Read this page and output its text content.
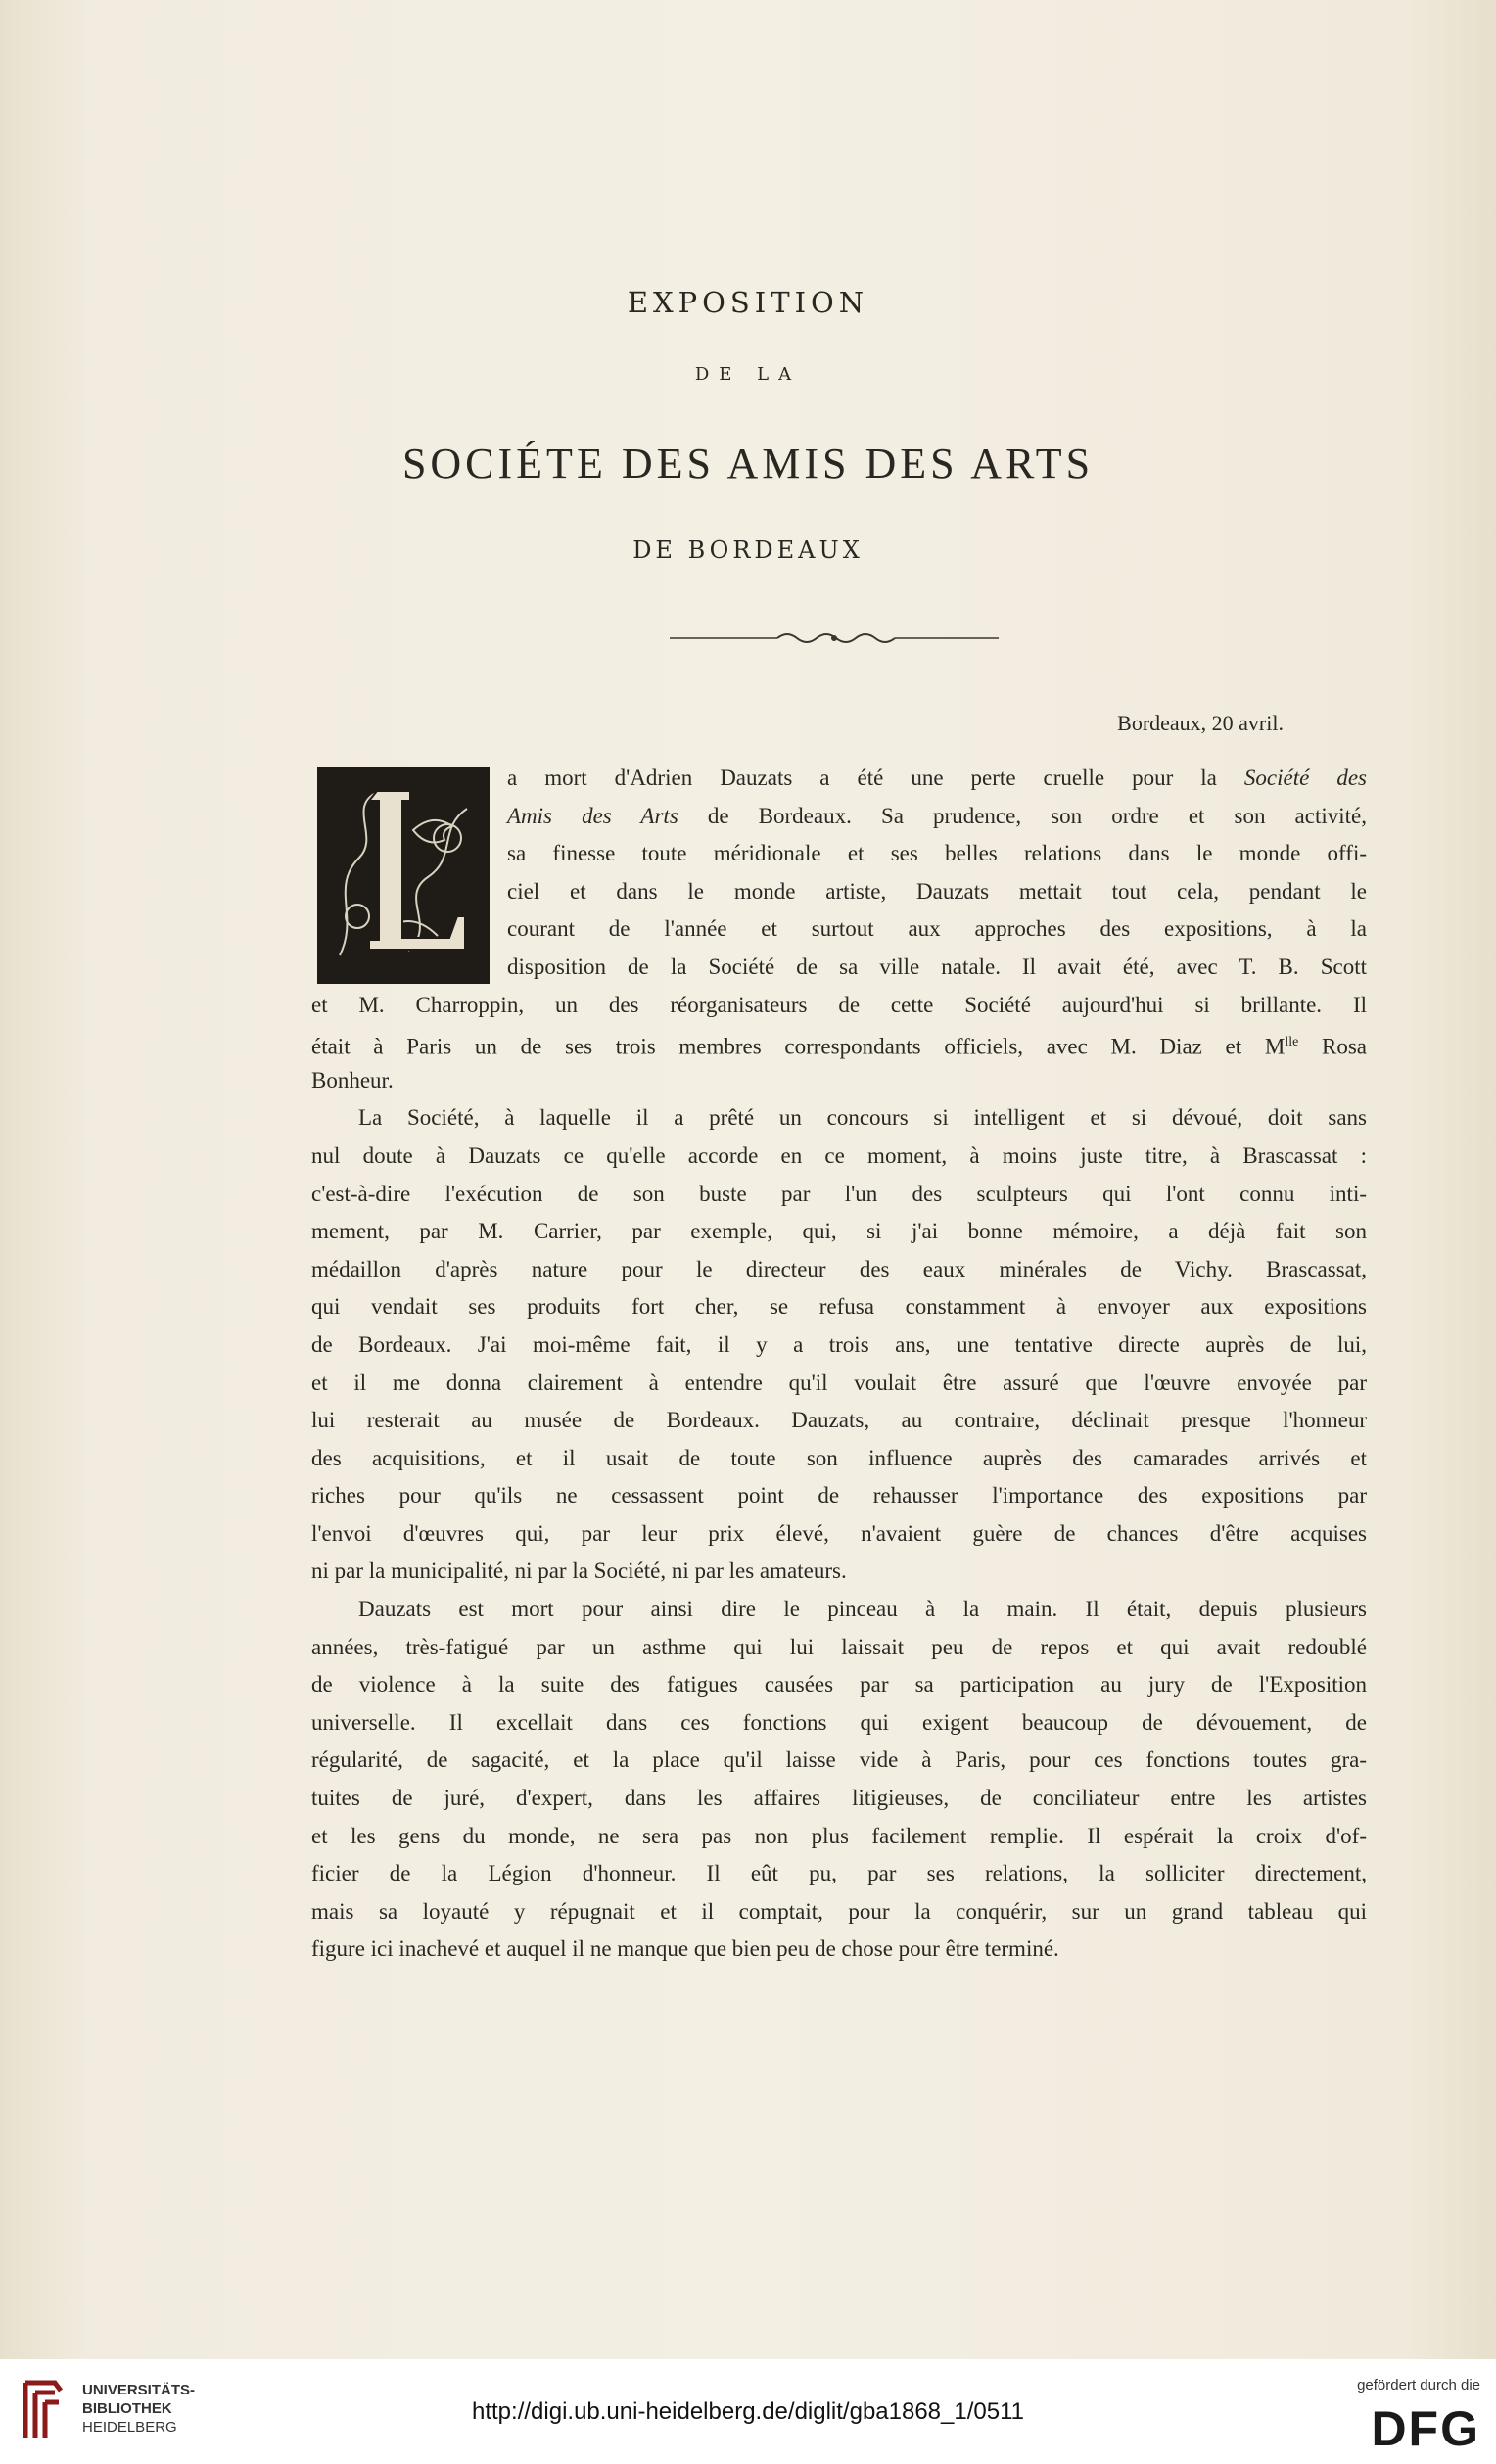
EXPOSITION
DE LA
SOCIÉTE DES AMIS DES ARTS
DE BORDEAUX
Bordeaux, 20 avril.
a mort d'Adrien Dauzats a été une perte cruelle pour la Société des
Amis des Arts de Bordeaux. Sa prudence, son ordre et son activité,
sa finesse toute méridionale et ses belles relations dans le monde offi-
ciel et dans le monde artiste, Dauzats mettait tout cela, pendant le
courant de l'année et surtout aux approches des expositions, à la
disposition de la Société de sa ville natale. Il avait été, avec T. B. Scott
et M. Charroppin, un des réorganisateurs de cette Société aujourd'hui si brillante. Il
était à Paris un de ses trois membres correspondants officiels, avec M. Diaz et $M^{lle}$ Rosa
Bonheur.
La Société, à laquelle il a prêté un concours si intelligent et si dévoué, doit sans
nul doute à Dauzats ce qu'elle accorde en ce moment, à moins juste titre, à Brascassat :
c'est-à-dire l'exécution de son buste par l'un des sculpteurs qui l'ont connu inti-
mement, par M. Carrier, par exemple, qui, si j'ai bonne mémoire, a déjà fait son
médaillon d'après nature pour le directeur des eaux minérales de Vichy. Brascassat,
qui vendait ses produits fort cher, se refusa constamment à envoyer aux expositions
de Bordeaux. J'ai moi-même fait, il y a trois ans, une tentative directe auprès de lui,
et il me donna clairement à entendre qu'il voulait être assuré que l'œuvre envoyée par
lui resterait au musée de Bordeaux. Dauzats, au contraire, déclinait presque l'honneur
des acquisitions, et il usait de toute son influence auprès des camarades arrivés et
riches pour qu'ils ne cessassent point de rehausser l'importance des expositions par
l'envoi d'œuvres qui, par leur prix élevé, n'avaient guère de chances d'être acquises
ni par la municipalité, ni par la Société, ni par les amateurs.
Dauzats est mort pour ainsi dire le pinceau à la main. Il était, depuis plusieurs
années, très-fatigué par un asthme qui lui laissait peu de repos et qui avait redoublé
de violence à la suite des fatigues causées par sa participation au jury de l'Exposition
universelle. Il excellait dans ces fonctions qui exigent beaucoup de dévouement, de
régularité, de sagacité, et la place qu'il laisse vide à Paris, pour ces fonctions toutes gra-
tuites de juré, d'expert, dans les affaires litigieuses, de conciliateur entre les artistes
et les gens du monde, ne sera pas non plus facilement remplie. Il espérait la croix d'of-
ficier de la Légion d'honneur. Il eût pu, par ses relations, la solliciter directement,
mais sa loyauté y répugnait et il comptait, pour la conquérir, sur un grand tableau qui
figure ici inachevé et auquel il ne manque que bien peu de chose pour être terminé.
UNIVERSITÄTS-
BIBLIOTHEK
HEIDELBERG
http://digi.ub.uni-heidelberg.de/diglit/gba1868_1/0511
gefördert durch die
DFG
